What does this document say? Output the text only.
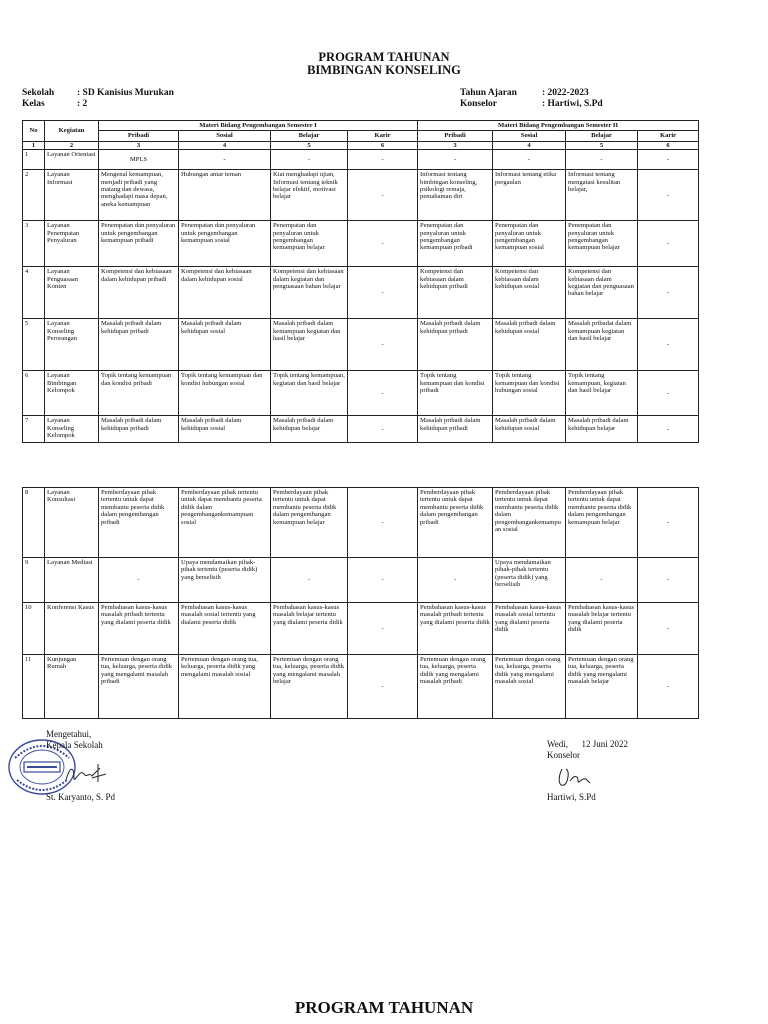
PROGRAM TAHUNAN
BIMBINGAN KONSELING
Sekolah	: SD Kanisius Murukan
Kelas	: 2
Tahun Ajaran	: 2022-2023
Konselor	: Hartiwi, S.Pd
No	Kegiatan	Materi Bidang Pengembangan Semester I				Materi Bidang Pengembangan Semester II			
		Pribadi	Sosial	Belajar	Karir	Pribadi	Sosial	Belajar	Karir
1	2	3	4	5	6	3	4	5	6
1	Layanan Orientasi	MPLS	-	-	-	-	-	-	-
2	Layanan Informasi	Mengenal kemampuan, menjadi pribadi yang matang dan dewasa, menghadapi masa depan, aneka kemampuan	Hubungan antar teman	Kiat menghadapi ujian, Informasi tentang teknik belajar efektif, motivasi belajar	-	Informasi tentang bimbingan konseling, psikologi remaja, pemahaman diri	Informasi tentang etika pergaulan	Informasi tentang mengatasi kesulitan belajar,	-
3	Layanan Penempatan Penyaluran	Penempatan dan penyaluran untuk pengembangan kemampuan pribadi	Penempatan dan penyaluran untuk pengembangan kemampuan sosial	Penempatan dan penyaluran untuk pengembangan kemampuan belajar	-	Penempatan dan penyaluran untuk pengembangan kemampuan pribadi	Penempatan dan penyaluran untuk pengembangan kemampuan sosial	Penempatan dan penyaluran untuk pengembangan kemampuan belajar	-
4	Layanan Penguasaan Konten	Kompetensi dan kebiasaan dalam kehidupan pribadi	Kompetensi dan kebiasaan dalam kehidupan sosial	Kompetensi dan kebiasaan dalam kegiatan dan penguasaan bahan belajar	-	Kompetensi dan kebiasaan dalam kehidupan pribadi	Kompetensi dan kebiasaan dalam kehidupan sosial	Kompetensi dan kebiasaan dalam kegiatan dan penguasaan bahan belajar	-
5	Layanan Konseling Perorangan	Masalah pribadi dalam kehidupan pribadi	Masalah pribadi dalam kehidupan sosial	Masalah pribadi dalam kemampuan kegiatan dan hasil belajar	-	Masalah pribadi dalam kehidupan pribadi	Masalah pribadi dalam kehidupan sosial	Masalah pribadai dalam kemampuan kegiatan dan hasil belajar	-
6	Layanan Bimbingan Kelompok	Topik tentang kemampuan dan kondisi pribadi	Topik tentang kemampuan dan kondisi hubungan sosial	Topik tentang kemampuan, kegiatan dan hasil belajar	-	Topik tentang kemampuan dan kondisi pribadi	Topik tentang kemampuan dan kondisi hubungan sosial	Topik tentang kemampuan, kegiatan dan hasil belajar	-
7	Layanan Konseling Kelompok	Masalah pribadi dalam kehidupan pribadi	Masalah pribadi dalam kehidupan sosial	Masalah pribadi dalam kehidupan belajar	-	Masalah pribadi dalam kehidupan pribadi	Masalah pribadi dalam kehidupan sosial	Masalah pribadi dalam kehidupan belajar	-
8	Layanan Konsultasi	Pemberdayaan pihak tertentu untuk dapat membantu peserta didik dalam pengembangan pribadi	Pemberdayaan pihak tertentu untuk dapat membantu peserta didik dalam pengembangankemampuan sosial	Pemberdayaan pihak tertentu untuk dapat membantu peserta didik dalam pengembangan kemampuan belajar	-	Pemberdayaan pihak tertentu untuk dapat membantu peserta didik dalam pengembangan pribadi	Pemberdayaan pihak tertentu untuk dapat membantu peserta didik dalam pengembangankemampuan sosial	Pemberdayaan pihak tertentu untuk dapat membantu peserta didik dalam pengembangan kemampuan belajar	-
9	Layanan Mediasi	-	Upaya mendamaikan pihak-pihak tertentu (peserta didik) yang berselisih	-	-	-	Upaya mendamaikan pihak-pihak tertentu (peserta didik) yang berselisih	-	-
10	Konferensi Kasus	Pembahasan kasus-kasus masalah pribadi tertentu yang dialami peserta didik	Pembahasan kasus-kasus masalah sosial tertentu yang dialami peserta didik	Pembahasan kasus-kasus masalah belajar tertentu yang dialami peserta didik	-	Pembahasan kasus-kasus masalah pribadi tertentu yang dialami peserta didik	Pembahasan kasus-kasus masalah sosial tertentu yang dialami peserta didik	Pembahasan kasus-kasus masalah belajar tertentu yang dialami peserta didik	-
11	Kunjungan Rumah	Pertemuan dengan orang tua, keluarga, peserta didik yang mengalami masalah pribadi	Pertemuan dengan orang tua, keluarga, peserta didik yang mengalami masalah sosial	Pertemuan dengan orang tua, keluarga, peserta didik yang mengalami masalah belajar	-	Pertemuan dengan orang tua, keluarga, peserta didik yang mengalami masalah pribadi	Pertemuan dengan orang tua, keluarga, peserta didik yang mengalami masalah sosial	Pertemuan dengan orang tua, keluarga, peserta didik yang mengalami masalah belajar	-
Mengetahui,
Kepala Sekolah
St. Karyanto, S. Pd
Wedi,      12 Juni 2022
Konselor
Hartiwi, S.Pd
PROGRAM TAHUNAN
